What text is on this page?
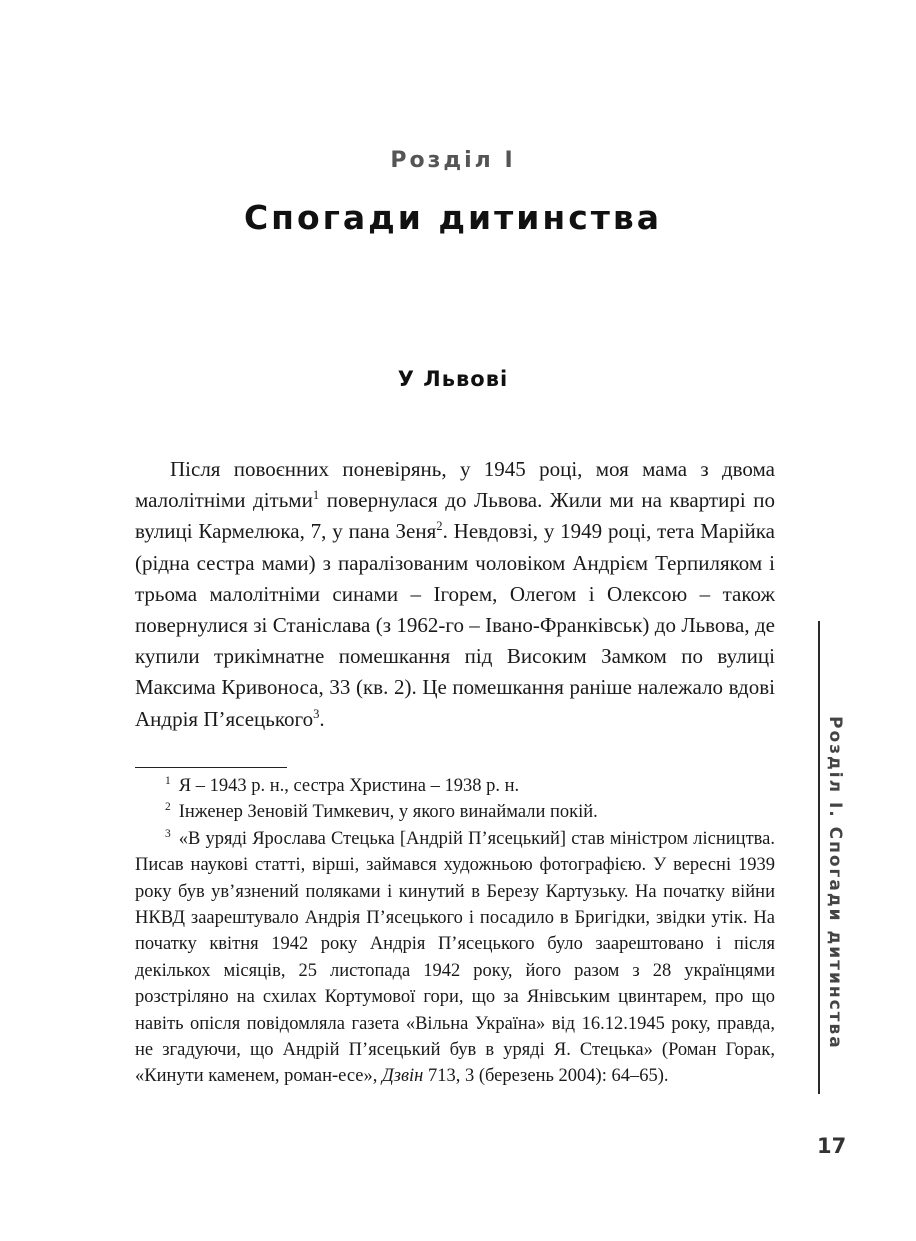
Розділ І
Спогади дитинства
У Львові

Після повоєнних поневірянь, у 1945 році, моя мама з двома малолітніми дітьми$^1$ повернулася до Львова. Жили ми на квартирі по вулиці Кармелюка, 7, у пана Зеня$^2$. Невдовзі, у 1949 році, тета Марійка (рідна сестра мами) з паралізованим чоловіком Андрієм Терпиляком і трьома малолітніми синами – Ігорем, Олегом і Олексою – також повернулися зі Станіслава (з 1962-го – Івано-Франківськ) до Львова, де купили трикімнатне помешкання під Високим Замком по вулиці Максима Кривоноса, 33 (кв. 2). Це помешкання раніше належало вдові Андрія П’ясецького$^3$.

$^1$ Я – 1943 р. н., сестра Христина – 1938 р. н.

$^2$ Інженер Зеновій Тимкевич, у якого винаймали покій.

$^3$ «В уряді Ярослава Стецька [Андрій П’ясецький] став міністром лісництва. Писав наукові статті, вірші, займався художньою фотографією. У вересні 1939 року був ув’язнений поляками і кинутий в Березу Картузьку. На початку війни НКВД заарештувало Андрія П’ясецького і посадило в Бригідки, звідки утік. На початку квітня 1942 року Андрія П’ясецького було заарештовано і після декількох місяців, 25 листопада 1942 року, його разом з 28 українцями розстріляно на схилах Кортумової гори, що за Янівським цвинтарем, про що навіть опісля повідомляла газета «Вільна Україна» від 16.12.1945 року, правда, не згадуючи, що Андрій П’ясецький був в уряді Я. Стецька» (Роман Горак, «Кинути каменем, роман-есе», Дзвін 713, 3 (березень 2004): 64–65).

Розділ І. Спогади дитинства
17
